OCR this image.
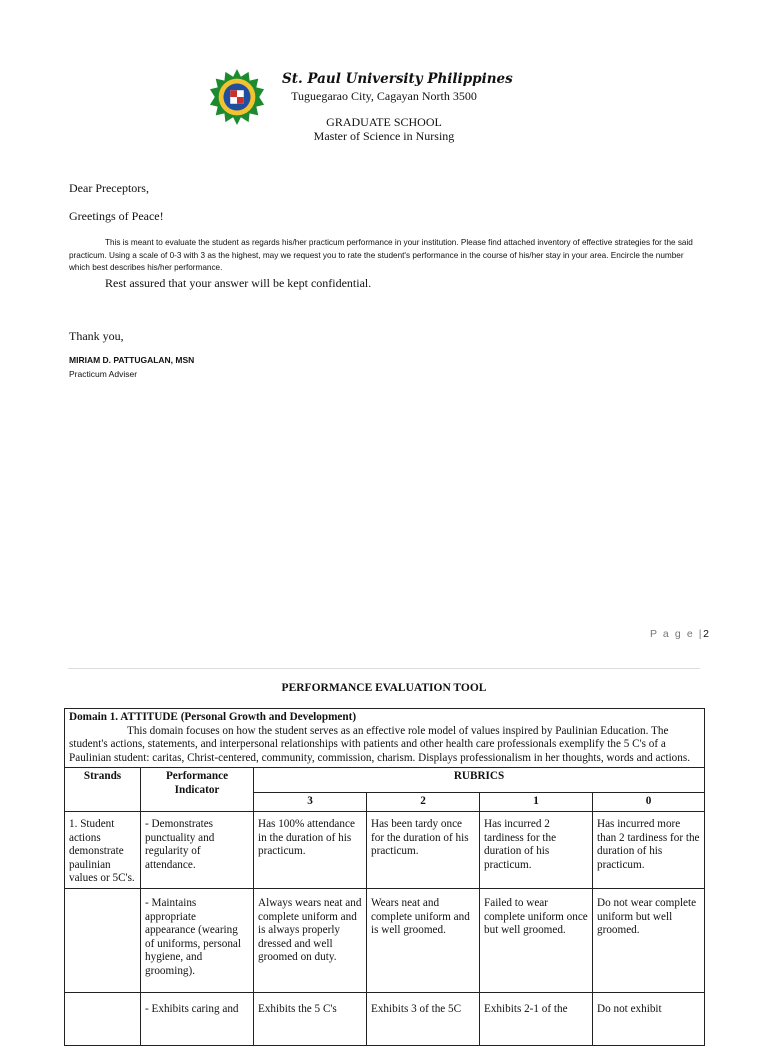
St. Paul University Philippines
Tuguegarao City, Cagayan North 3500
GRADUATE SCHOOL
Master of Science in Nursing
Dear Preceptors,
Greetings of Peace!
This is meant to evaluate the student as regards his/her practicum performance in your institution. Please find attached inventory of effective strategies for the said practicum. Using a scale of 0-3 with 3 as the highest, may we request you to rate the student's performance in the course of his/her stay in your area. Encircle the number which best describes his/her performance.
Rest assured that your answer will be kept confidential.
Thank you,
MIRIAM D. PATTUGALAN, MSN
Practicum Adviser
P a g e |2
PERFORMANCE EVALUATION TOOL
Domain 1. ATTITUDE (Personal Growth and Development)
This domain focuses on how the student serves as an effective role model of values inspired by Paulinian Education. The student's actions, statements, and interpersonal relationships with patients and other health care professionals exemplify the 5 C's of a Paulinian student: caritas, Christ-centered, community, commission, charism. Displays professionalism in her thoughts, words and actions.					

Strands	Performance Indicator	RUBRICS			
		3	2	1	0
1. Student actions demonstrate paulinian values or 5C's.	- Demonstrates punctuality and regularity of attendance.	Has 100% attendance in the duration of his practicum.	Has been tardy once for the duration of his practicum.	Has incurred 2 tardiness for the duration of his practicum.	Has incurred more than 2 tardiness for the duration of his practicum.
	- Maintains appropriate appearance (wearing of uniforms, personal hygiene, and grooming).	Always wears neat and complete uniform and is always properly dressed and well groomed on duty.	Wears neat and complete uniform and is well groomed.	Failed to wear complete uniform once but well groomed.	Do not wear complete uniform but well groomed.
	- Exhibits caring and	Exhibits the 5 C's	Exhibits 3 of the 5C	Exhibits 2-1 of the	Do not exhibit
